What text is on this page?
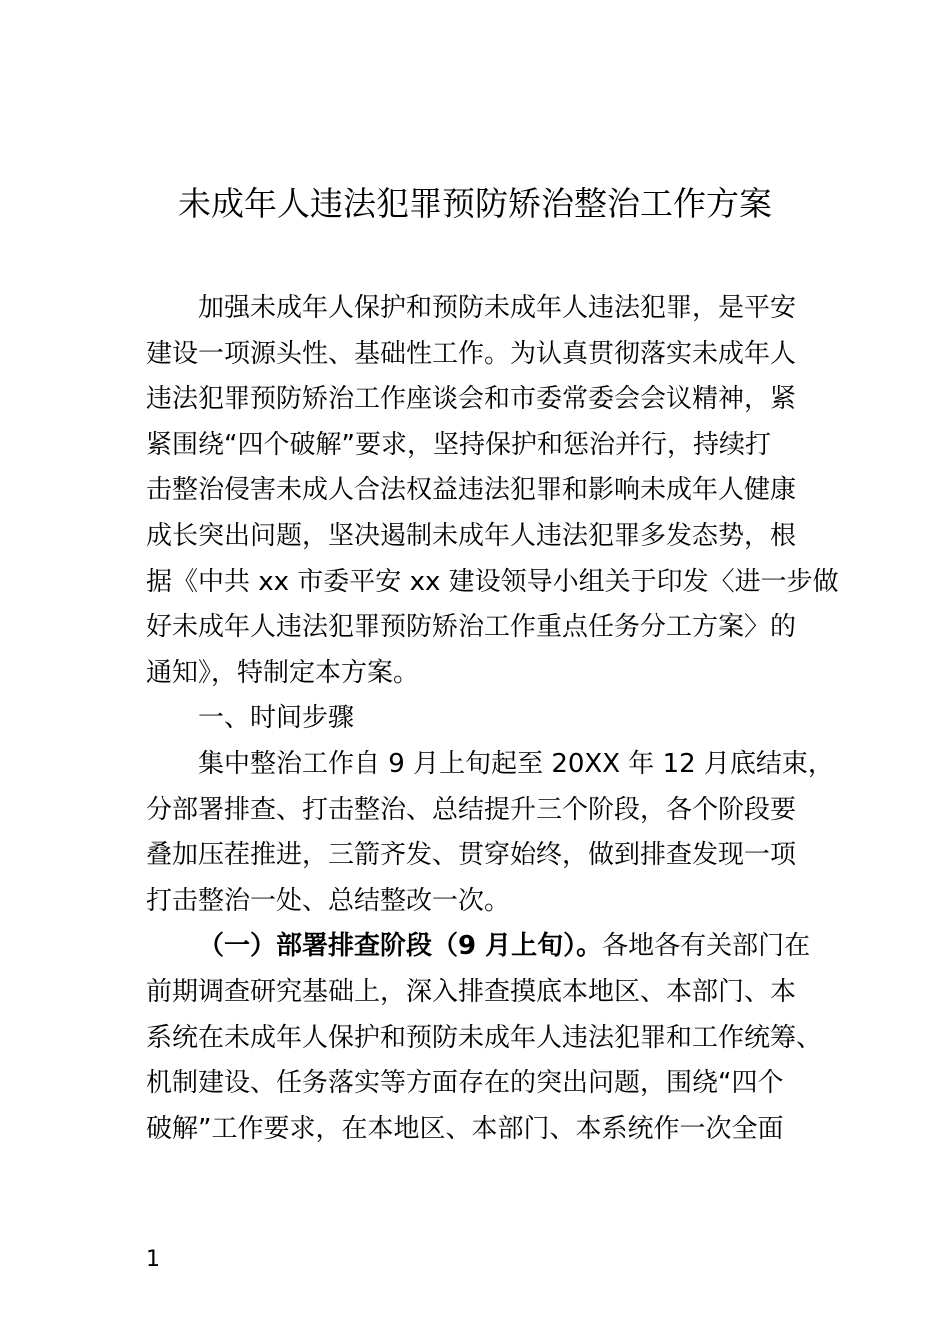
未成年人违法犯罪预防矫治整治工作方案
加强未成年人保护和预防未成年人违法犯罪，是平安
建设一项源头性、基础性工作。为认真贯彻落实未成年人
违法犯罪预防矫治工作座谈会和市委常委会会议精神，紧
紧围绕“四个破解”要求，坚持保护和惩治并行，持续打
击整治侵害未成人合法权益违法犯罪和影响未成年人健康
成长突出问题，坚决遏制未成年人违法犯罪多发态势，根
据《中共 xx 市委平安 xx 建设领导小组关于印发〈进一步做
好未成年人违法犯罪预防矫治工作重点任务分工方案〉的
通知》，特制定本方案。
一、时间步骤
集中整治工作自 9 月上旬起至 20XX 年 12 月底结束，
分部署排查、打击整治、总结提升三个阶段，各个阶段要
叠加压茬推进，三箭齐发、贯穿始终，做到排查发现一项
打击整治一处、总结整改一次。
（一）部署排查阶段（9 月上旬）。各地各有关部门在
前期调查研究基础上，深入排查摸底本地区、本部门、本
系统在未成年人保护和预防未成年人违法犯罪和工作统筹、
机制建设、任务落实等方面存在的突出问题，围绕“四个
破解”工作要求，在本地区、本部门、本系统作一次全面
1
